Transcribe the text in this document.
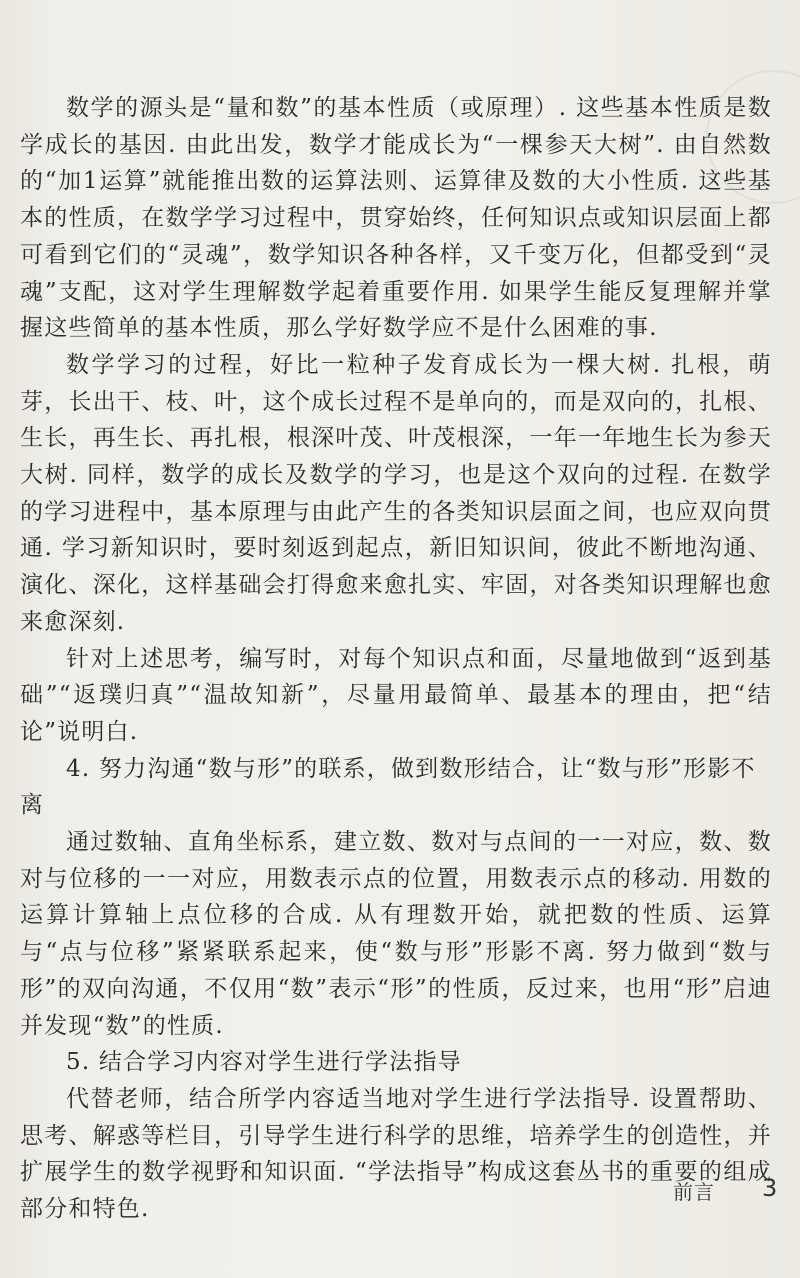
数学的源头是“量和数”的基本性质（或原理）. 这些基本性质是数学成长的基因. 由此出发，数学才能成长为“一棵参天大树”. 由自然数的“加1运算”就能推出数的运算法则、运算律及数的大小性质. 这些基本的性质，在数学学习过程中，贯穿始终，任何知识点或知识层面上都可看到它们的“灵魂”，数学知识各种各样，又千变万化，但都受到“灵魂”支配，这对学生理解数学起着重要作用. 如果学生能反复理解并掌握这些简单的基本性质，那么学好数学应不是什么困难的事.

数学学习的过程，好比一粒种子发育成长为一棵大树. 扎根，萌芽，长出干、枝、叶，这个成长过程不是单向的，而是双向的，扎根、生长，再生长、再扎根，根深叶茂、叶茂根深，一年一年地生长为参天大树. 同样，数学的成长及数学的学习，也是这个双向的过程. 在数学的学习进程中，基本原理与由此产生的各类知识层面之间，也应双向贯通. 学习新知识时，要时刻返到起点，新旧知识间，彼此不断地沟通、演化、深化，这样基础会打得愈来愈扎实、牢固，对各类知识理解也愈来愈深刻.

针对上述思考，编写时，对每个知识点和面，尽量地做到“返到基础”“返璞归真”“温故知新”，尽量用最简单、最基本的理由，把“结论”说明白.

4. 努力沟通“数与形”的联系，做到数形结合，让“数与形”形影不离

通过数轴、直角坐标系，建立数、数对与点间的一一对应，数、数对与位移的一一对应，用数表示点的位置，用数表示点的移动. 用数的运算计算轴上点位移的合成. 从有理数开始，就把数的性质、运算与“点与位移”紧紧联系起来，使“数与形”形影不离. 努力做到“数与形”的双向沟通，不仅用“数”表示“形”的性质，反过来，也用“形”启迪并发现“数”的性质.

5. 结合学习内容对学生进行学法指导

代替老师，结合所学内容适当地对学生进行学法指导. 设置帮助、思考、解惑等栏目，引导学生进行科学的思维，培养学生的创造性，并扩展学生的数学视野和知识面. “学法指导”构成这套丛书的重要的组成部分和特色.

前言 3
